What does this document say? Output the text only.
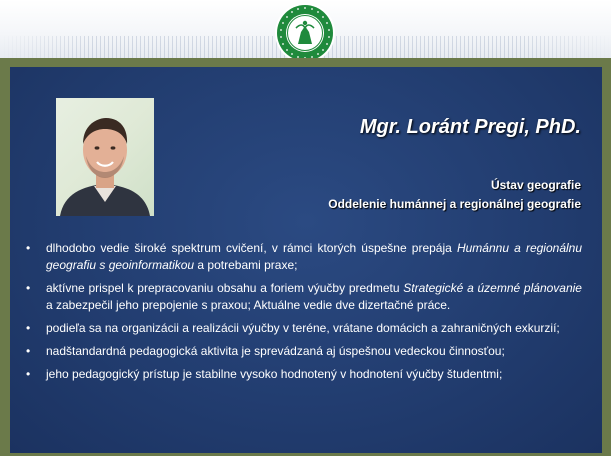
Mgr. Loránt Pregi, PhD.
Ústav geografie
Oddelenie humánnej a regionálnej geografie
• dlhodobo vedie široké spektrum cvičení, v rámci ktorých úspešne prepája Humánnu a regionálnu geografiu s geoinformatikou a potrebami praxe;
• aktívne prispel k prepracovaniu obsahu a foriem výučby predmetu Strategické a územné plánovanie a zabezpečil jeho prepojenie s praxou; Aktuálne vedie dve dizertačné práce.
• podieľa sa na organizácii a realizácii výučby v teréne, vrátane domácich a zahraničných exkurzií;
• nadštandardná pedagogická aktivita je sprevádzaná aj úspešnou vedeckou činnosťou;
• jeho pedagogický prístup je stabilne vysoko hodnotený v hodnotení výučby študentmi;
